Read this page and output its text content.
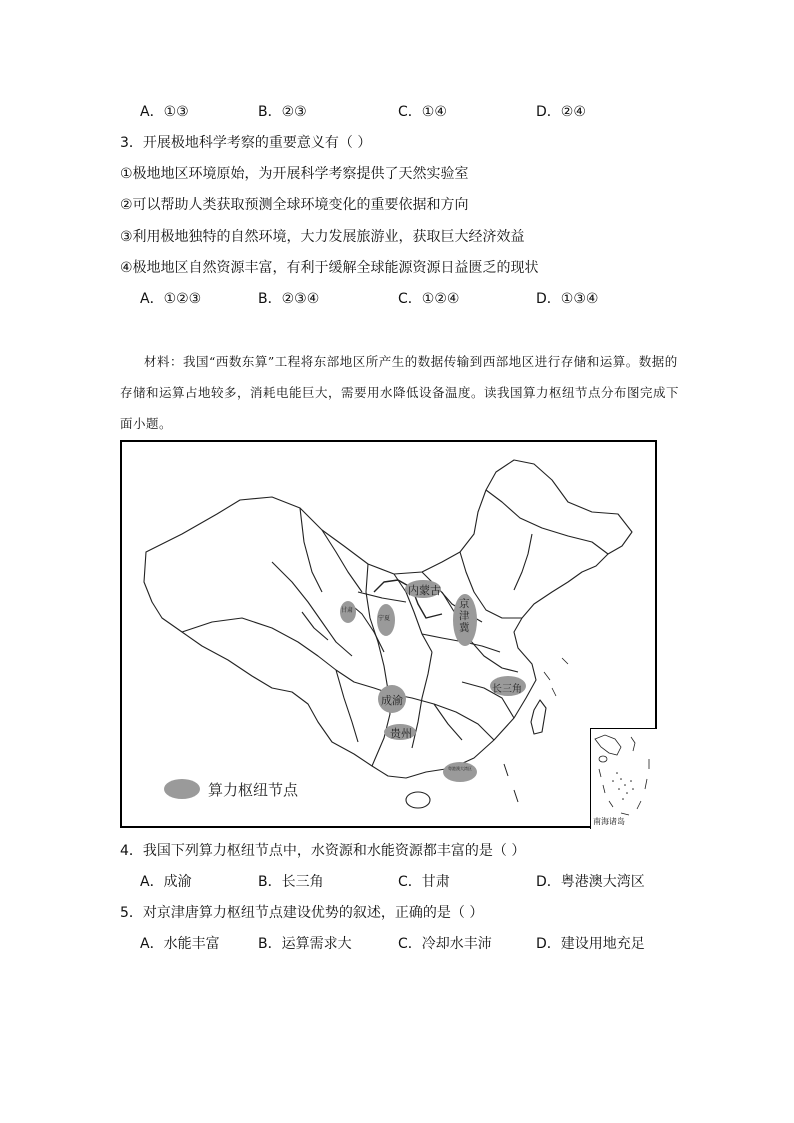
A．①③	B．②③	C．①④	D．②④
3．开展极地科学考察的重要意义有（ ）
①极地地区环境原始，为开展科学考察提供了天然实验室
②可以帮助人类获取预测全球环境变化的重要依据和方向
③利用极地独特的自然环境，大力发展旅游业，获取巨大经济效益
④极地地区自然资源丰富，有利于缓解全球能源资源日益匮乏的现状
A．①②③	B．②③④	C．①②④	D．①③④
材料：我国“西数东算”工程将东部地区所产生的数据传输到西部地区进行存储和运算。数据的存储和运算占地较多，消耗电能巨大，需要用水降低设备温度。读我国算力枢纽节点分布图完成下面小题。
内蒙古
京津冀
甘肃
宁夏
长三角
成渝
贵州
粤港澳大湾区
算力枢纽节点
南海诸岛
4．我国下列算力枢纽节点中，水资源和水能资源都丰富的是（ ）
A．成渝	B．长三角	C．甘肃	D．粤港澳大湾区
5．对京津唐算力枢纽节点建设优势的叙述，正确的是（ ）
A．水能丰富	B．运算需求大	C．冷却水丰沛	D．建设用地充足
